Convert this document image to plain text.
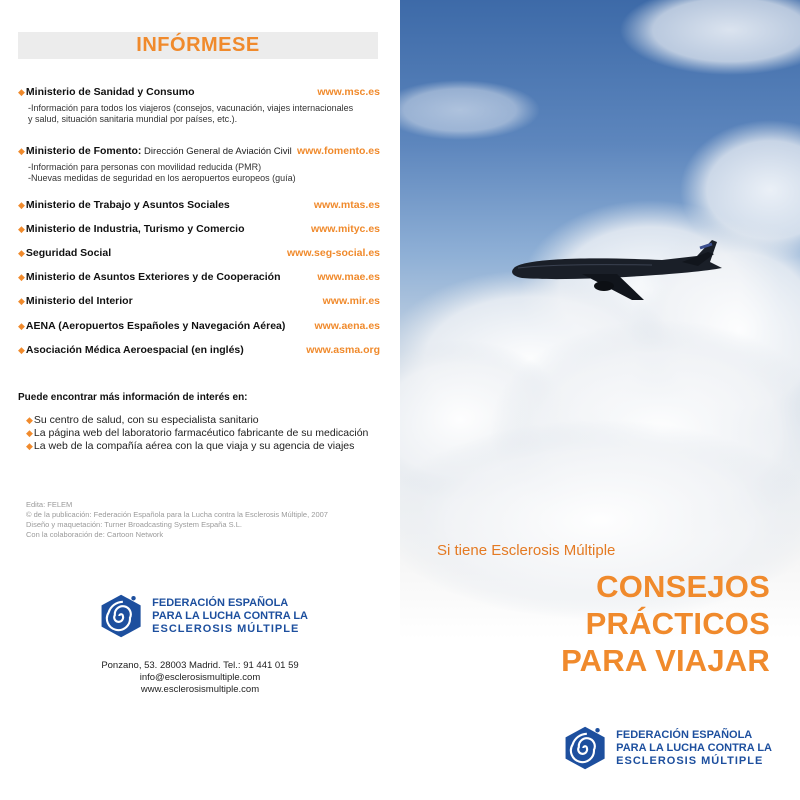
INFÓRMESE
◆Ministerio de Sanidad y Consumo	www.msc.es
-Información para todos los viajeros (consejos, vacunación, viajes internacionales
y salud, situación sanitaria mundial por países, etc.).
◆Ministerio de Fomento: Dirección General de Aviación Civil www.fomento.es
-Información para personas con movilidad reducida (PMR)
-Nuevas medidas de seguridad en los aeropuertos europeos (guía)
◆Ministerio de Trabajo y Asuntos Sociales	www.mtas.es
◆Ministerio de Industria, Turismo y Comercio	www.mityc.es
◆Seguridad Social	www.seg-social.es
◆Ministerio de Asuntos Exteriores y de Cooperación	www.mae.es
◆Ministerio del Interior	www.mir.es
◆AENA (Aeropuertos Españoles y Navegación Aérea)	www.aena.es
◆Asociación Médica Aeroespacial (en inglés)	www.asma.org
Puede encontrar más información de interés en:
◆Su centro de salud, con su especialista sanitario
◆La página web del laboratorio farmacéutico fabricante de su medicación
◆La web de la compañía aérea con la que viaja y su agencia de viajes
Edita: FELEM
© de la publicación: Federación Española para la Lucha contra la Esclerosis Múltiple, 2007
Diseño y maquetación: Turner Broadcasting System España S.L.
Con la colaboración de: Cartoon Network
FEDERACIÓN ESPAÑOLA
PARA LA LUCHA CONTRA LA
ESCLEROSIS MÚLTIPLE
Ponzano, 53. 28003 Madrid. Tel.: 91 441 01 59
info@esclerosismultiple.com
www.esclerosismultiple.com
Si tiene Esclerosis Múltiple
CONSEJOS PRÁCTICOS
PARA VIAJAR
FEDERACIÓN ESPAÑOLA
PARA LA LUCHA CONTRA LA
ESCLEROSIS MÚLTIPLE
